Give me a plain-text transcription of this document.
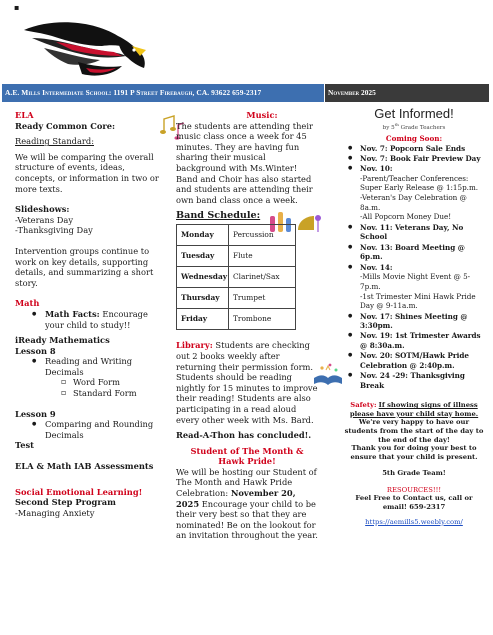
▪
A.E. Mills Intermediate School: 1191 P Street Firebaugh, CA. 93622 659-2317	November 2025
ELA
Ready Common Core:
Reading Standard:
We will be comparing the overall structure of events, ideas, concepts, or information in two or more texts.
Slideshows:
-Veterans Day
-Thanksgiving Day
Intervention groups continue to work on key details, supporting details, and summarizing a short story.
Math
● Math Facts: Encourage your child to study!!
iReady Mathematics
Lesson 8
● Reading and Writing Decimals
▫ Word Form
▫ Standard Form
Lesson 9
● Comparing and Rounding Decimals
Test
ELA & Math IAB Assessments
Social Emotional Learning!
Second Step Program
-Managing Anxiety
Music:
The students are attending their music class once a week for 45 minutes. They are having fun sharing their musical background with Ms.Winter!
Band and Choir has also started and students are attending their own band class once a week.
Band Schedule:
Monday	Percussion
Tuesday	Flute
Wednesday	Clarinet/Sax
Thursday	Trumpet
Friday	Trombone
Library: Students are checking out 2 books weekly after returning their permission form. Students should be reading nightly for 15 minutes to improve their reading! Students are also participating in a read aloud every other week with Ms. Bard.
Read-A-Thon has concluded!.
Student of The Month & Hawk Pride!
We will be hosting our Student of The Month and Hawk Pride Celebration: November 20, 2025 Encourage your child to be their very best so that they are nominated! Be on the lookout for an invitation throughout the year.
Get Informed!
by 5th Grade Teachers
Coming Soon:
● Nov. 7: Popcorn Sale Ends
● Nov. 7: Book Fair Preview Day
● Nov. 10:
-Parent/Teacher Conferences: Super Early Release @ 1:15p.m.
-Veteran's Day Celebration @ 8a.m.
-All Popcorn Money Due!
● Nov. 11: Veterans Day, No School
● Nov. 13: Board Meeting @ 6p.m.
● Nov. 14:
-Mills Movie Night Event @ 5-7p.m.
-1st Trimester Mini Hawk Pride Day @ 9-11a.m.
● Nov. 17: Shines Meeting @ 3:30pm.
● Nov. 19: 1st Trimester Awards @ 8:30a.m.
● Nov. 20: SOTM/Hawk Pride Celebration @ 2:40p.m.
● Nov. 24 -29: Thanksgiving Break
Safety: If showing signs of illness please have your child stay home.
We're very happy to have our students from the start of the day to the end of the day!
Thank you for doing your best to ensure that your child is present.
5th Grade Team!
RESOURCES!!!
Feel Free to Contact us, call or email! 659-2317
https://aemills5.weebly.com/
